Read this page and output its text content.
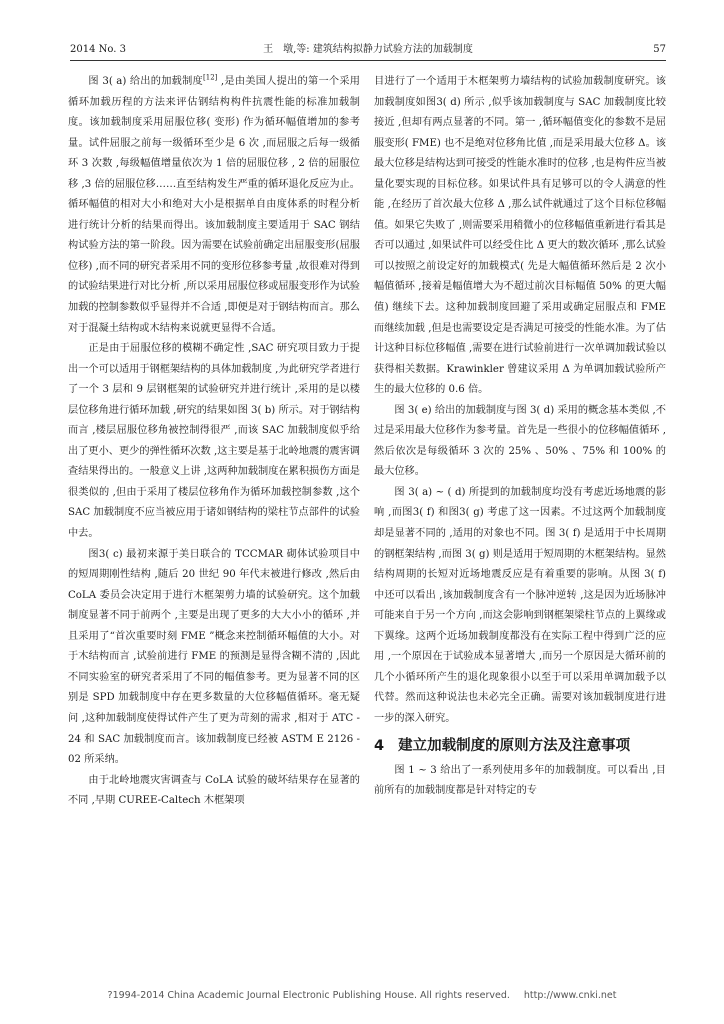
2014 No. 3	王　墩,等: 建筑结构拟静力试验方法的加载制度	57

图 3( a) 给出的加载制度[12] ,是由美国人提出的第一个采用循环加载历程的方法来评估钢结构构件抗震性能的标准加载制度。该加载制度采用屈服位移( 变形) 作为循环幅值增加的参考量。试件屈服之前每一级循环至少是 6 次 ,而屈服之后每一级循环 3 次数 ,每级幅值增量依次为 1 倍的屈服位移 , 2 倍的屈服位移 ,3 倍的屈服位移……直至结构发生严重的循环退化反应为止。循环幅值的相对大小和绝对大小是根据单自由度体系的时程分析进行统计分析的结果而得出。该加载制度主要适用于 SAC 钢结构试验方法的第一阶段。因为需要在试验前确定出屈服变形(屈服位移) ,而不同的研究者采用不同的变形位移参考量 ,故很难对得到的试验结果进行对比分析 ,所以采用屈服位移或屈服变形作为试验加载的控制参数似乎显得并不合适 ,即便是对于钢结构而言。那么对于混凝土结构或木结构来说就更显得不合适。

正是由于屈服位移的模糊不确定性 ,SAC 研究项目致力于提出一个可以适用于钢框架结构的具体加载制度 ,为此研究学者进行了一个 3 层和 9 层钢框架的试验研究并进行统计 ,采用的是以楼层位移角进行循环加载 ,研究的结果如图 3( b) 所示。对于钢结构而言 ,楼层屈服位移角被控制得很严 ,而该 SAC 加载制度似乎给出了更小、更少的弹性循环次数 ,这主要是基于北岭地震的震害调查结果得出的。一般意义上讲 ,这两种加载制度在累积损伤方面是很类似的 ,但由于采用了楼层位移角作为循环加载控制参数 ,这个 SAC 加载制度不应当被应用于诸如钢结构的梁柱节点部件的试验中去。

图3( c) 最初来源于美日联合的 TCCMAR 砌体试验项目中的短周期刚性结构 ,随后 20 世纪 90 年代末被进行修改 ,然后由 CoLA 委员会决定用于进行木框架剪力墙的试验研究。这个加载制度显著不同于前两个 ,主要是出现了更多的大大小小的循环 ,并且采用了“首次重要时刻 FME ”概念来控制循环幅值的大小。对于木结构而言 ,试验前进行 FME 的预测是显得含糊不清的 ,因此不同实验室的研究者采用了不同的幅值参考。更为显著不同的区别是 SPD 加载制度中存在更多数量的大位移幅值循环。毫无疑问 ,这种加载制度使得试件产生了更为苛刻的需求 ,相对于 ATC - 24 和 SAC 加载制度而言。该加载制度已经被 ASTM E 2126 - 02 所采纳。

由于北岭地震灾害调查与 CoLA 试验的破坏结果存在显著的不同 ,早期 CUREE-Caltech 木框架项

目进行了一个适用于木框架剪力墙结构的试验加载制度研究。该加载制度如图3( d) 所示 ,似乎该加载制度与 SAC 加载制度比较接近 ,但却有两点显著的不同。第一 ,循环幅值变化的参数不是屈服变形( FME) 也不是绝对位移角比值 ,而是采用最大位移 Δ。该最大位移是结构达到可接受的性能水准时的位移 ,也是构件应当被量化要实现的目标位移。如果试件具有足够可以的令人满意的性能 ,在经历了首次最大位移 Δ ,那么试件就通过了这个目标位移幅值。如果它失败了 ,则需要采用稍微小的位移幅值重新进行看其是否可以通过 ,如果试件可以经受住比 Δ 更大的数次循环 ,那么试验可以按照之前设定好的加载模式( 先是大幅值循环然后是 2 次小幅值循环 ,接着是幅值增大为不超过前次目标幅值 50% 的更大幅值) 继续下去。这种加载制度回避了采用或确定屈服点和 FME 而继续加载 ,但是也需要设定是否满足可接受的性能水准。为了估计这种目标位移幅值 ,需要在进行试验前进行一次单调加载试验以获得相关数据。Krawinkler 曾建议采用 Δ 为单调加载试验所产生的最大位移的 0.6 倍。

图 3( e) 给出的加载制度与图 3( d) 采用的概念基本类似 ,不过是采用最大位移作为参考量。首先是一些很小的位移幅值循环 ,然后依次是每级循环 3 次的 25% 、50% 、75% 和 100% 的最大位移。

图 3( a) ~ ( d) 所提到的加载制度均没有考虑近场地震的影响 ,而图3( f) 和图3( g) 考虑了这一因素。不过这两个加载制度却是显著不同的 ,适用的对象也不同。图 3( f) 是适用于中长周期的钢框架结构 ,而图 3( g) 则是适用于短周期的木框架结构。显然结构周期的长短对近场地震反应是有着重要的影响。从图 3( f) 中还可以看出 ,该加载制度含有一个脉冲逆转 ,这是因为近场脉冲可能来自于另一个方向 ,而这会影响到钢框架梁柱节点的上翼缘或下翼缘。这两个近场加载制度都没有在实际工程中得到广泛的应用 ,一个原因在于试验成本显著增大 ,而另一个原因是大循环前的几个小循环所产生的退化现象很小以至于可以采用单调加载予以代替。然而这种说法也未必完全正确。需要对该加载制度进行进一步的深入研究。

4 建立加载制度的原则方法及注意事项

图 1 ~ 3 给出了一系列使用多年的加载制度。可以看出 ,目前所有的加载制度都是针对特定的专

?1994-2014 China Academic Journal Electronic Publishing House. All rights reserved. http://www.cnki.net
